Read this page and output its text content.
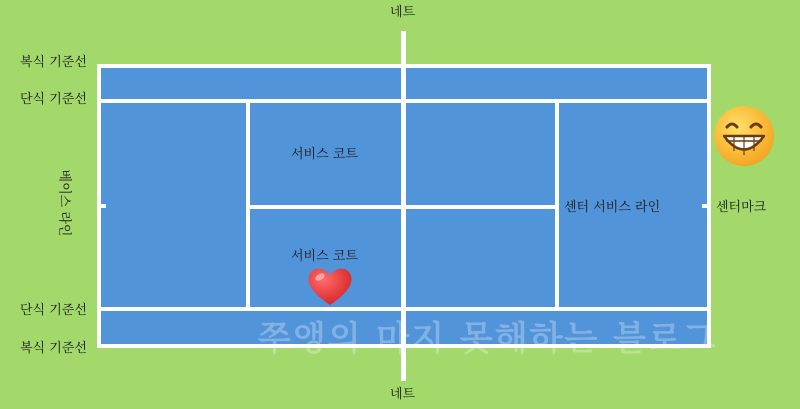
네트
네트
복식 기준선
단식 기준선
단식 기준선
복식 기준선
베이스 라인
서비스 코트
서비스 코트
센터 서비스 라인	센터마크
쭈앵의 마지 못해하는 블로그
